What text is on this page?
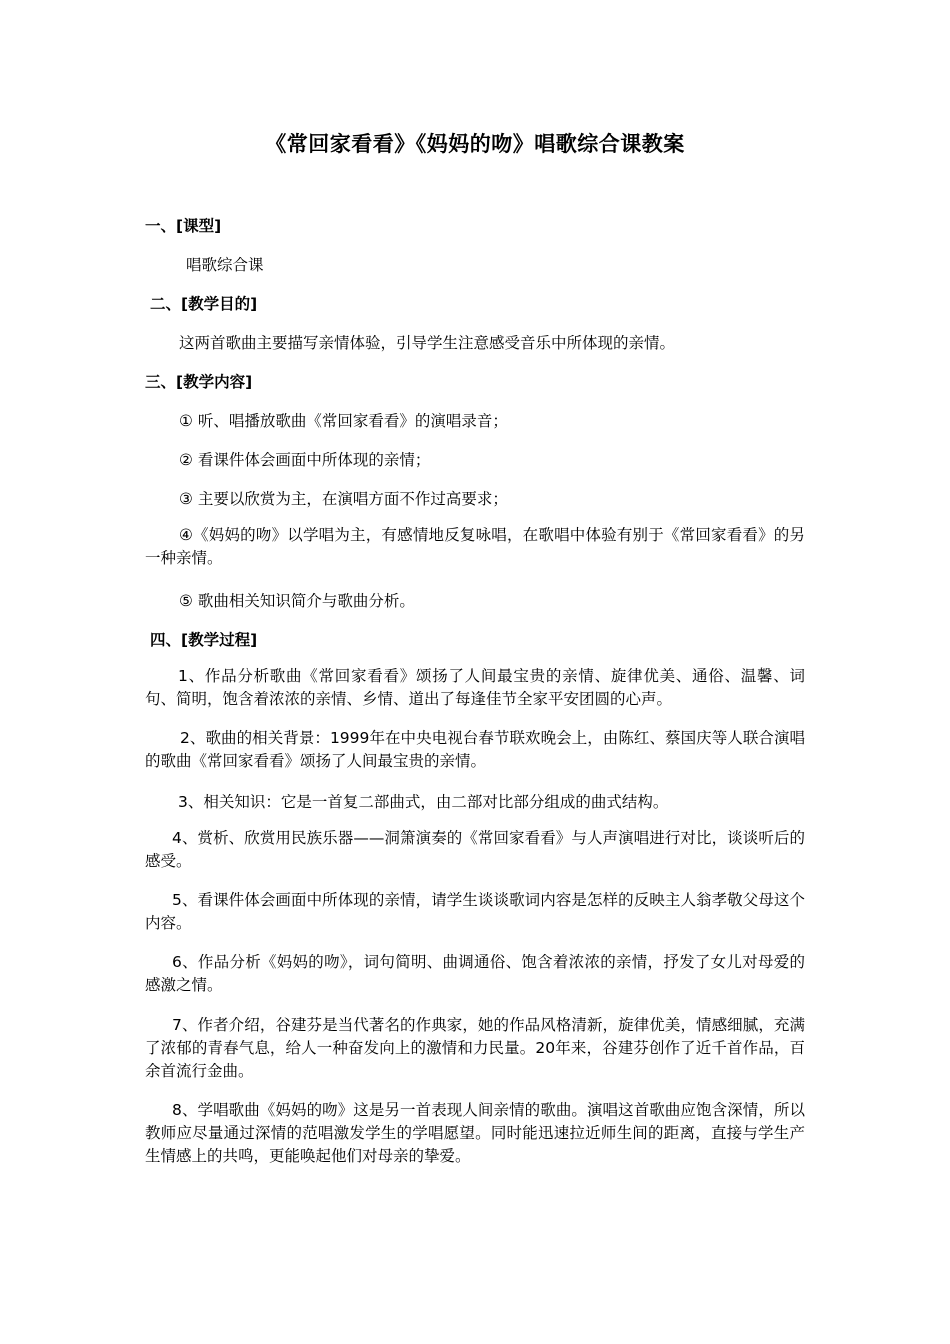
《常回家看看》《妈妈的吻》唱歌综合课教案
一、[课型]
唱歌综合课
二、[教学目的]
这两首歌曲主要描写亲情体验，引导学生注意感受音乐中所体现的亲情。
三、[教学内容]
① 听、唱播放歌曲《常回家看看》的演唱录音；
② 看课件体会画面中所体现的亲情；
③ 主要以欣赏为主，在演唱方面不作过高要求；
④《妈妈的吻》以学唱为主，有感情地反复咏唱，在歌唱中体验有别于《常回家看看》的另一种亲情。
⑤ 歌曲相关知识简介与歌曲分析。
四、[教学过程]
1、作品分析歌曲《常回家看看》颂扬了人间最宝贵的亲情、旋律优美、通俗、温馨、词句、简明，饱含着浓浓的亲情、乡情、道出了每逢佳节全家平安团圆的心声。
2、歌曲的相关背景：1999年在中央电视台春节联欢晚会上，由陈红、蔡国庆等人联合演唱的歌曲《常回家看看》颂扬了人间最宝贵的亲情。
3、相关知识：它是一首复二部曲式，由二部对比部分组成的曲式结构。
4、赏析、欣赏用民族乐器——洞箫演奏的《常回家看看》与人声演唱进行对比，谈谈听后的感受。
5、看课件体会画面中所体现的亲情，请学生谈谈歌词内容是怎样的反映主人翁孝敬父母这个内容。
6、作品分析《妈妈的吻》，词句简明、曲调通俗、饱含着浓浓的亲情，抒发了女儿对母爱的感激之情。
7、作者介绍，谷建芬是当代著名的作典家，她的作品风格清新，旋律优美，情感细腻，充满了浓郁的青春气息，给人一种奋发向上的激情和力民量。20年来，谷建芬创作了近千首作品，百余首流行金曲。
8、学唱歌曲《妈妈的吻》这是另一首表现人间亲情的歌曲。演唱这首歌曲应饱含深情，所以教师应尽量通过深情的范唱激发学生的学唱愿望。同时能迅速拉近师生间的距离，直接与学生产生情感上的共鸣，更能唤起他们对母亲的挚爱。
